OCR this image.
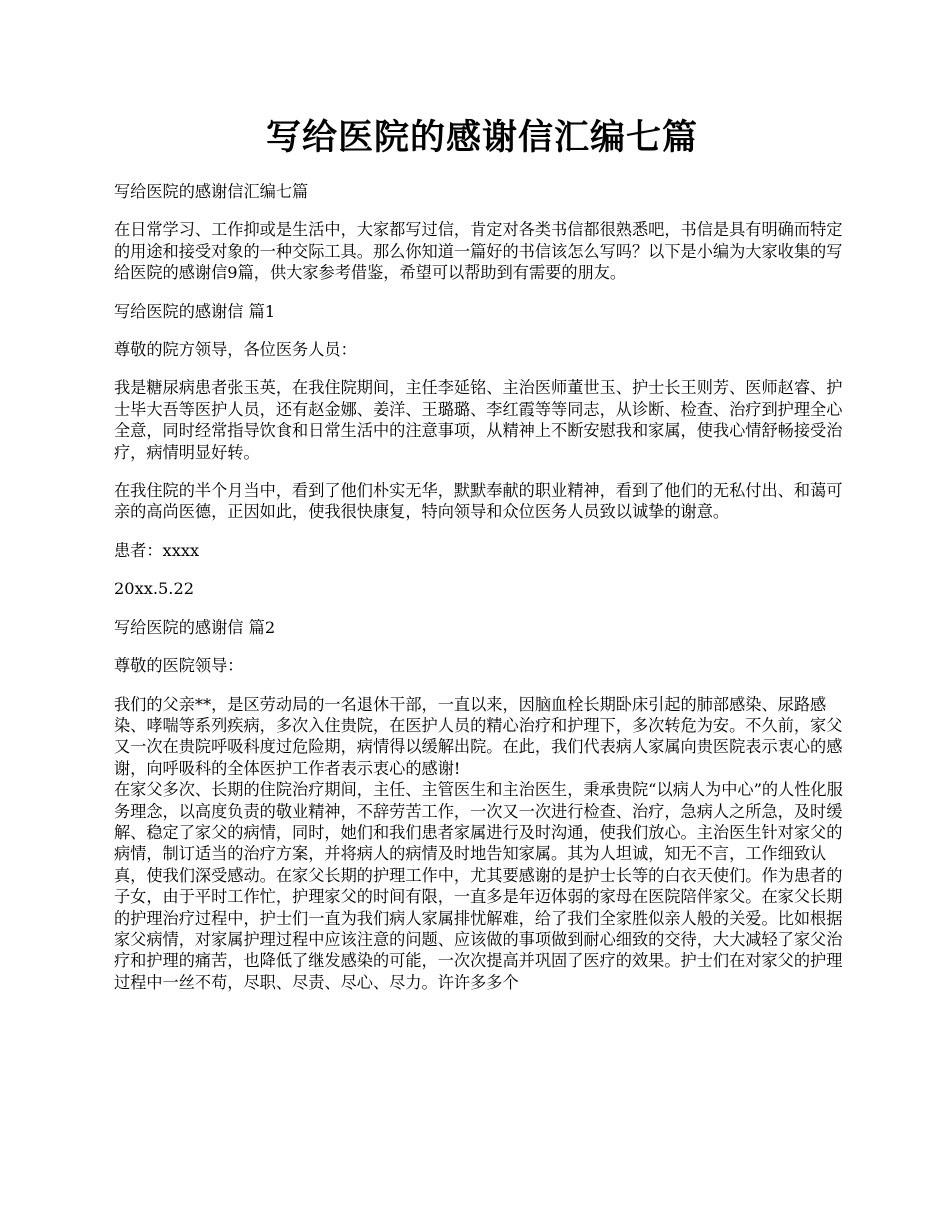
写给医院的感谢信汇编七篇

写给医院的感谢信汇编七篇

在日常学习、工作抑或是生活中，大家都写过信，肯定对各类书信都很熟悉吧，书信是具有明确而特定的用途和接受对象的一种交际工具。那么你知道一篇好的书信该怎么写吗？以下是小编为大家收集的写给医院的感谢信9篇，供大家参考借鉴，希望可以帮助到有需要的朋友。

写给医院的感谢信 篇1

尊敬的院方领导，各位医务人员：

我是糖尿病患者张玉英，在我住院期间，主任李延铭、主治医师董世玉、护士长王则芳、医师赵睿、护士毕大吾等医护人员，还有赵金娜、姜洋、王璐璐、李红霞等等同志，从诊断、检查、治疗到护理全心全意，同时经常指导饮食和日常生活中的注意事项，从精神上不断安慰我和家属，使我心情舒畅接受治疗，病情明显好转。

在我住院的半个月当中，看到了他们朴实无华，默默奉献的职业精神，看到了他们的无私付出、和蔼可亲的高尚医德，正因如此，使我很快康复，特向领导和众位医务人员致以诚挚的谢意。

患者：xxxx

20xx.5.22

写给医院的感谢信 篇2

尊敬的医院领导：

我们的父亲**，是区劳动局的一名退休干部，一直以来，因脑血栓长期卧床引起的肺部感染、尿路感染、哮喘等系列疾病，多次入住贵院，在医护人员的精心治疗和护理下，多次转危为安。不久前，家父又一次在贵院呼吸科度过危险期，病情得以缓解出院。在此，我们代表病人家属向贵医院表示衷心的感谢，向呼吸科的全体医护工作者表示衷心的感谢!

在家父多次、长期的住院治疗期间，主任、主管医生和主治医生，秉承贵院“以病人为中心”的人性化服务理念，以高度负责的敬业精神，不辞劳苦工作，一次又一次进行检查、治疗，急病人之所急，及时缓解、稳定了家父的病情，同时，她们和我们患者家属进行及时沟通，使我们放心。主治医生针对家父的病情，制订适当的治疗方案，并将病人的病情及时地告知家属。其为人坦诚，知无不言，工作细致认真，使我们深受感动。在家父长期的护理工作中，尤其要感谢的是护士长等的白衣天使们。作为患者的子女，由于平时工作忙，护理家父的时间有限，一直多是年迈体弱的家母在医院陪伴家父。在家父长期的护理治疗过程中，护士们一直为我们病人家属排忧解难，给了我们全家胜似亲人般的关爱。比如根据家父病情，对家属护理过程中应该注意的问题、应该做的事项做到耐心细致的交待，大大减轻了家父治疗和护理的痛苦，也降低了继发感染的可能，一次次提高并巩固了医疗的效果。护士们在对家父的护理过程中一丝不苟，尽职、尽责、尽心、尽力。许许多多个
